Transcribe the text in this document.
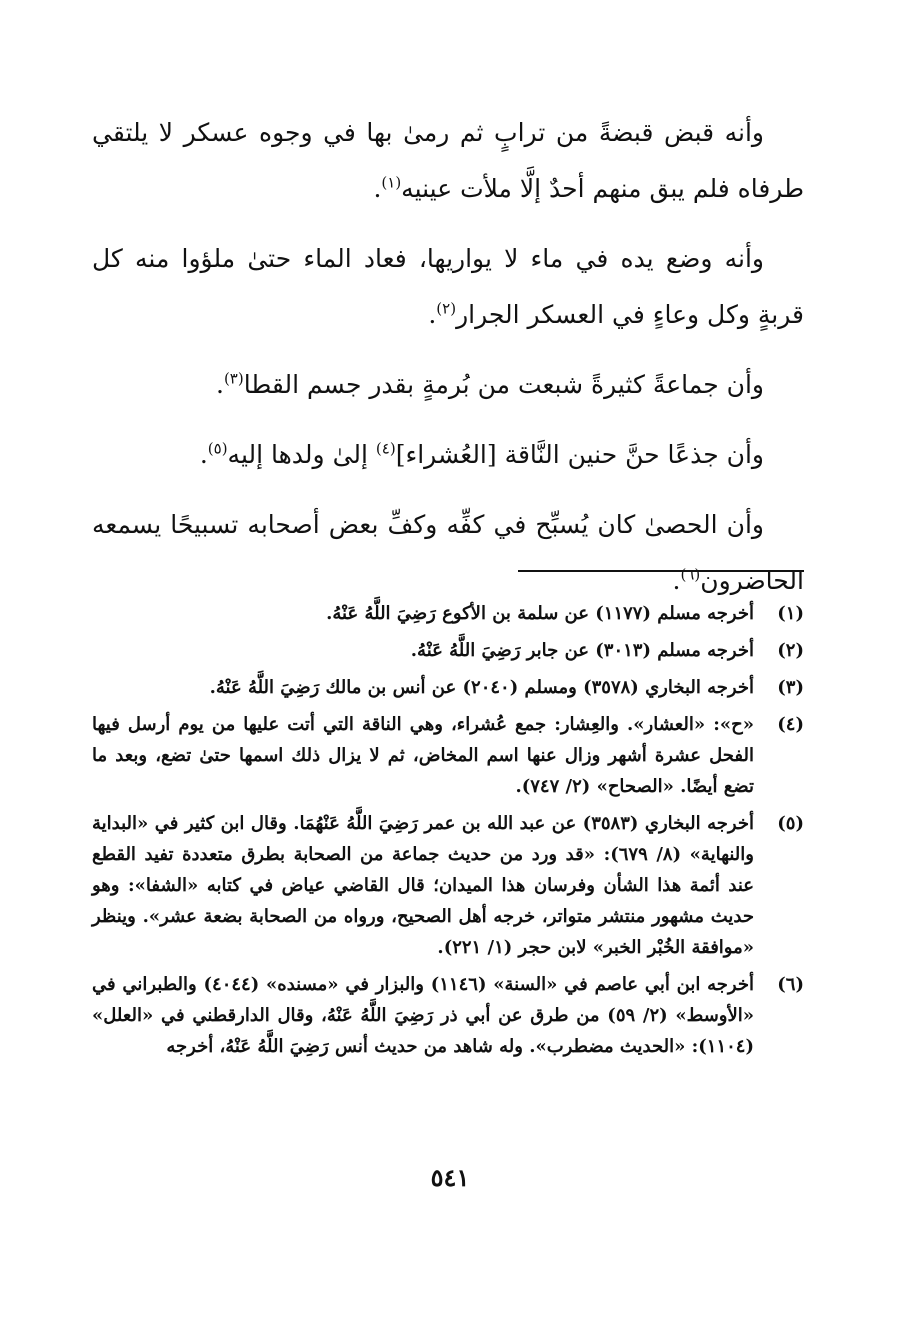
وأنه قبض قبضةً من ترابٍ ثم رمىٰ بها في وجوه عسكر لا يلتقي طرفاه فلم يبق منهم أحدٌ إلَّا ملأت عينيه$^{(١)}$.

وأنه وضع يده في ماء لا يواريها، فعاد الماء حتىٰ ملؤوا منه كل قربةٍ وكل وعاءٍ في العسكر الجرار$^{(٢)}$.

وأن جماعةً كثيرةً شبعت من بُرمةٍ بقدر جسم القطا$^{(٣)}$.

وأن جذعًا حنَّ حنين النَّاقة [العُشراء]$^{(٤)}$ إلىٰ ولدها إليه$^{(٥)}$.

وأن الحصىٰ كان يُسبِّح في كفِّه وكفِّ بعض أصحابه تسبيحًا يسمعه الحاضرون$^{(٦)}$.

(١)
أخرجه مسلم (١١٧٧) عن سلمة بن الأكوع رَضِيَ اللَّهُ عَنْهُ.
(٢)
أخرجه مسلم (٣٠١٣) عن جابر رَضِيَ اللَّهُ عَنْهُ.
(٣)
أخرجه البخاري (٣٥٧٨) ومسلم (٢٠٤٠) عن أنس بن مالك رَضِيَ اللَّهُ عَنْهُ.
(٤)
«ح»: «العشار». والعِشار: جمع عُشراء، وهي الناقة التي أتت عليها من يوم أرسل فيها الفحل عشرة أشهر وزال عنها اسم المخاض، ثم لا يزال ذلك اسمها حتىٰ تضع، وبعد ما تضع أيضًا. «الصحاح» (٢/ ٧٤٧).
(٥)
أخرجه البخاري (٣٥٨٣) عن عبد الله بن عمر رَضِيَ اللَّهُ عَنْهُمَا. وقال ابن كثير في «البداية والنهاية» (٨/ ٦٧٩): «قد ورد من حديث جماعة من الصحابة بطرق متعددة تفيد القطع عند أئمة هذا الشأن وفرسان هذا الميدان؛ قال القاضي عياض في كتابه «الشفا»: وهو حديث مشهور منتشر متواتر، خرجه أهل الصحيح، ورواه من الصحابة بضعة عشر». وينظر «موافقة الخُبْر الخبر» لابن حجر (١/ ٢٢١).
(٦)
أخرجه ابن أبي عاصم في «السنة» (١١٤٦) والبزار في «مسنده» (٤٠٤٤) والطبراني في «الأوسط» (٢/ ٥٩) من طرق عن أبي ذر رَضِيَ اللَّهُ عَنْهُ، وقال الدارقطني في «العلل» (١١٠٤): «الحديث مضطرب». وله شاهد من حديث أنس رَضِيَ اللَّهُ عَنْهُ، أخرجه
٥٤١
